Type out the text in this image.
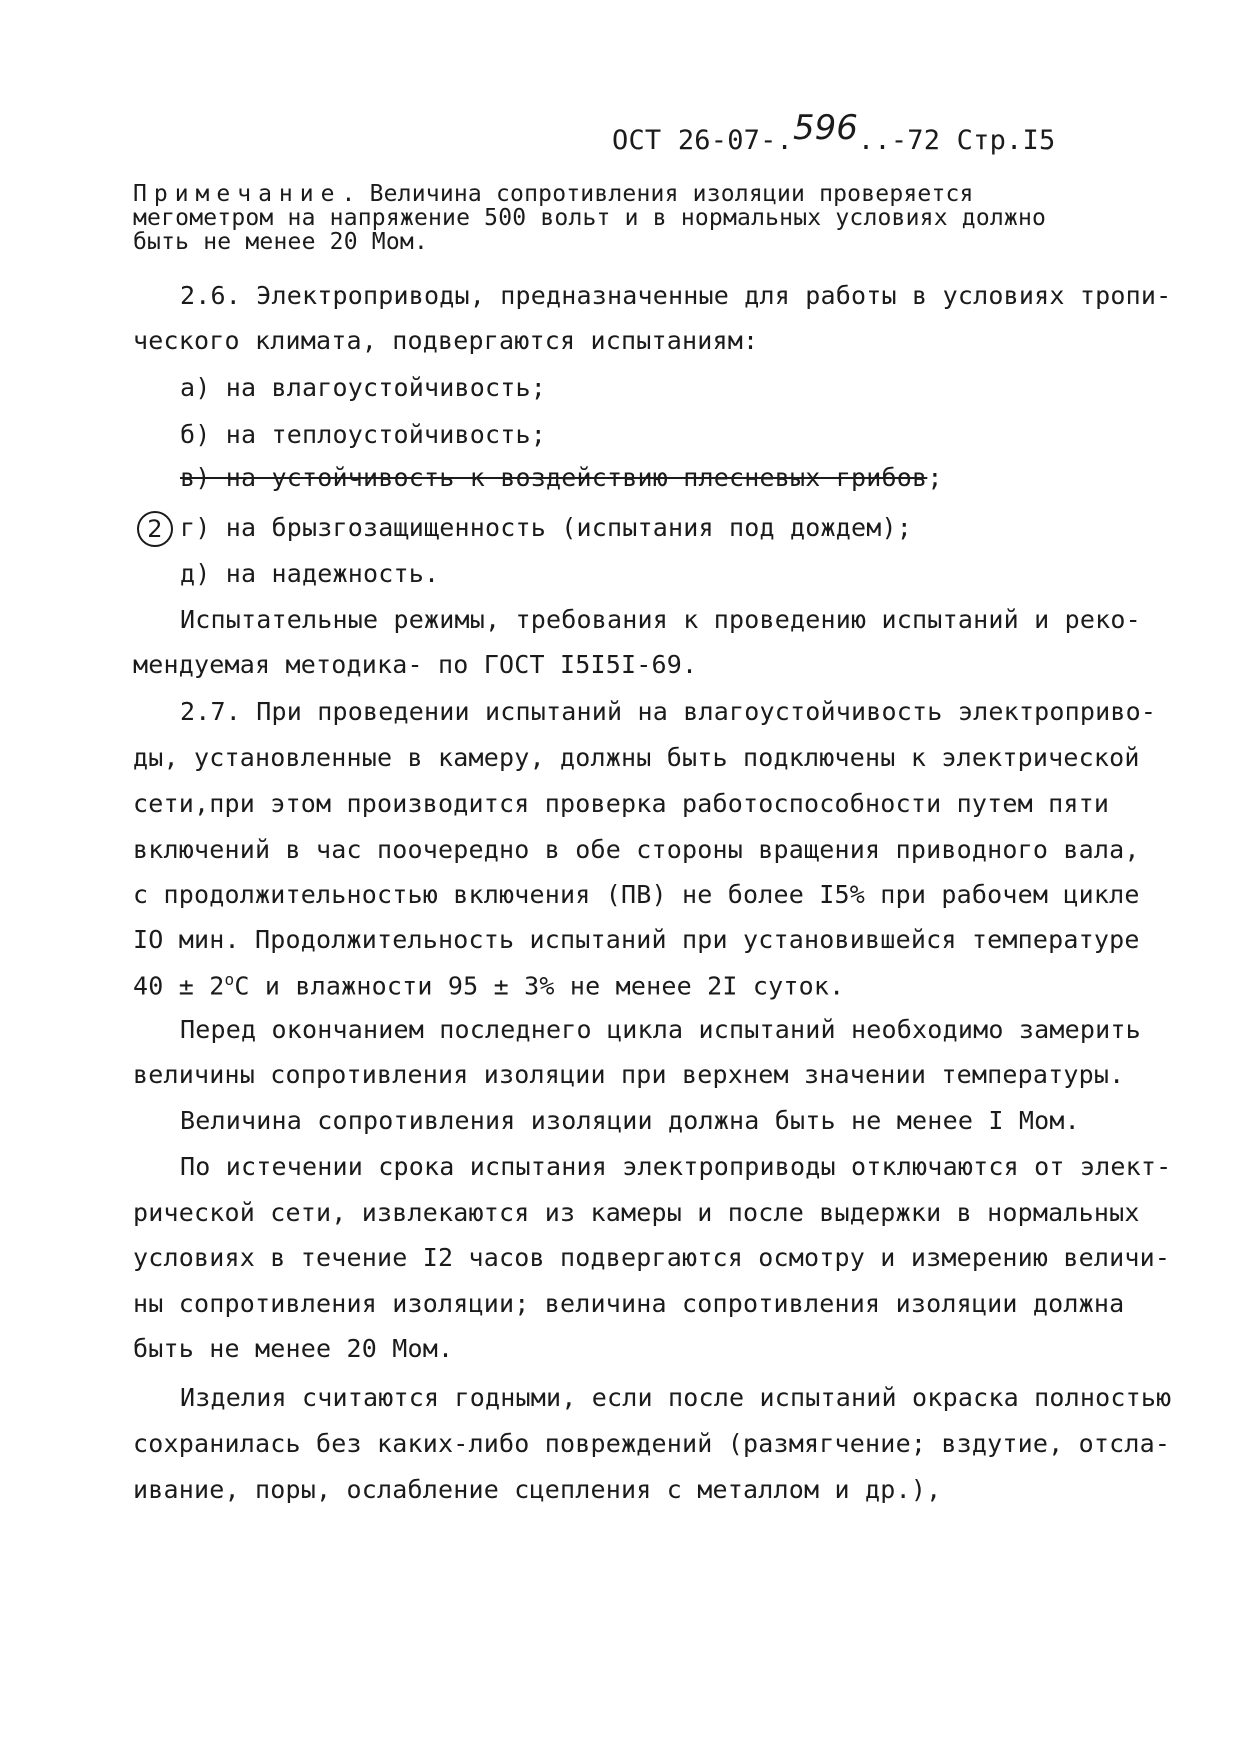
ОСТ 26-07-.596..-72 Стр.I5
Примечание. Величина сопротивления изоляции проверяется
мегометром на напряжение 500 вольт и в нормальных условиях должно
быть не менее 20 Мом.
2.6. Электроприводы, предназначенные для работы в условиях тропи-
ческого климата, подвергаются испытаниям:
а) на влагоустойчивость;
б) на теплоустойчивость;
2
в) на устойчивость к воздействию плесневых грибов;
г) на брызгозащищенность (испытания под дождем);
д) на надежность.
Испытательные режимы, требования к проведению испытаний и реко-
мендуемая методика- по ГОСТ I5I5I-69.
2.7. При проведении испытаний на влагоустойчивость электроприво-
ды, установленные в камеру, должны быть подключены к электрической
сети,при этом производится проверка работоспособности путем пяти
включений в час поочередно в обе стороны вращения приводного вала,
с продолжительностью включения (ПВ) не более I5% при рабочем цикле
IO мин. Продолжительность испытаний при установившейся температуре
$40 \pm 2^оС$ и влажности 95 ± 3% не менее 2I суток.
Перед окончанием последнего цикла испытаний необходимо замерить
величины сопротивления изоляции при верхнем значении температуры.
Величина сопротивления изоляции должна быть не менее I Мом.
По истечении срока испытания электроприводы отключаются от элект-
рической сети, извлекаются из камеры и после выдержки в нормальных
условиях в течение I2 часов подвергаются осмотру и измерению величи-
ны сопротивления изоляции; величина сопротивления изоляции должна
быть не менее 20 Мом.
Изделия считаются годными, если после испытаний окраска полностью
сохранилась без каких-либо повреждений (размягчение; вздутие, отсла-
ивание, поры, ослабление сцепления с металлом и др.),
